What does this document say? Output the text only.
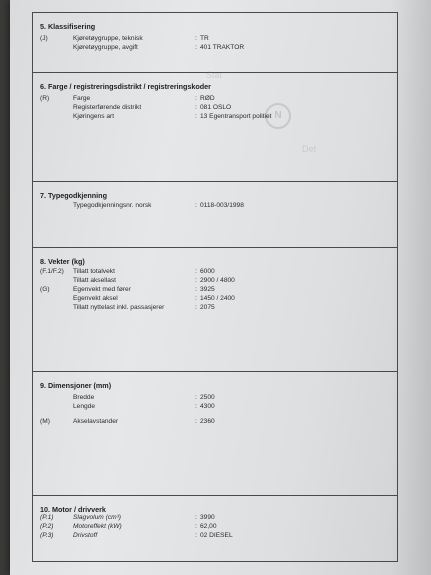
Stat
N
Det
5. Klassifisering
(J)	Kjøretøygruppe, teknisk	: TR
Kjøretøygruppe, avgift	: 401 TRAKTOR
6. Farge / registreringsdistrikt / registreringskoder
(R)	Farge	: RØD
Registerførende distrikt	: 081 OSLO
Kjøringens art	: 13 Egentransport politiet
7. Typegodkjenning
Typegodkjenningsnr. norsk	: 0118-003/1998
8. Vekter (kg)
(F.1/F.2) Tillatt totalvekt	: 6000
Tillatt aksellast	: 2900 / 4800
(G)	Egenvekt med fører	: 3925
Egenvekt aksel	: 1450 / 2400
Tillatt nyttelast inkl. passasjerer	: 2075
9. Dimensjoner (mm)
Bredde	: 2500
Lengde	: 4300
(M)	Akselavstander	: 2360
10. Motor / drivverk
(P.1)	Slagvolum (cm³)	: 3990
(P.2)	Motoreffekt (kW)	: 62,00
(P.3)	Drivstoff	: 02 DIESEL
